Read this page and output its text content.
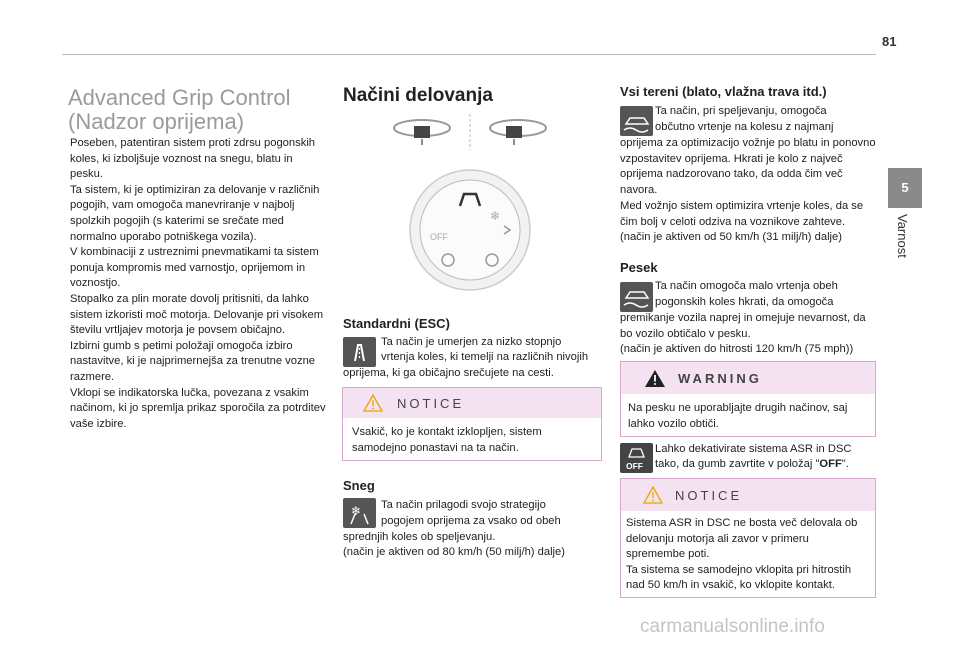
81
5
Varnost
Advanced Grip Control
(Nadzor oprijema)

Poseben, patentiran sistem proti zdrsu pogonskih koles, ki izboljšuje voznost na snegu, blatu in pesku.

Ta sistem, ki je optimiziran za delovanje v različnih pogojih, vam omogoča manevriranje v najbolj spolzkih pogojih (s katerimi se srečate med normalno uporabo potniškega vozila).

V kombinaciji z ustreznimi pnevmatikami ta sistem ponuja kompromis med varnostjo, oprijemom in voznostjo.

Stopalko za plin morate dovolj pritisniti, da lahko sistem izkoristi moč motorja. Delovanje pri visokem številu vrtljajev motorja je povsem običajno.

Izbirni gumb s petimi položaji omogoča izbiro nastavitve, ki je najprimernejša za trenutne vozne razmere.

Vklopi se indikatorska lučka, povezana z vsakim načinom, ki jo spremlja prikaz sporočila za potrditev vaše izbire.

Načini delovanja
OFF
❄
Standardni (ESC)
Ta način je umerjen za nizko stopnjo
vrtenja koles, ki temelji na različnih nivojih
oprijema, ki ga običajno srečujete na cesti.
NOTICE
Vsakič, ko je kontakt izklopljen, sistem samodejno ponastavi na ta način.
Sneg
❄ Ta način prilagodi svojo strategijo
pogojem oprijema za vsako od obeh
sprednjih koles ob speljevanju.
(način je aktiven od 80 km/h (50 milj/h) dalje)
Vsi tereni (blato, vlažna trava itd.)
Ta način, pri speljevanju, omogoča
občutno vrtenje na kolesu z najmanj
oprijema za optimizacijo vožnje po blatu in ponovno vzpostavitev oprijema. Hkrati je kolo z največ oprijema nadzorovano tako, da odda čim več navora.
Med vožnjo sistem optimizira vrtenje koles, da se čim bolj v celoti odziva na voznikove zahteve.
(način je aktiven od 50 km/h (31 milj/h) dalje)
Pesek
Ta način omogoča malo vrtenja obeh
pogonskih koles hkrati, da omogoča
premikanje vozila naprej in omejuje nevarnost, da bo vozilo obtičalo v pesku.
(način je aktiven do hitrosti 120 km/h (75 mph))
WARNING
Na pesku ne uporabljajte drugih načinov, saj lahko vozilo obtiči.
OFF
Lahko dekativirate sistema ASR in DSC
tako, da gumb zavrtite v položaj "OFF".
NOTICE

Sistema ASR in DSC ne bosta več delovala ob delovanju motorja ali zavor v primeru spremembe poti.

Ta sistema se samodejno vklopita pri hitrostih nad 50 km/h in vsakič, ko vklopite kontakt.

carmanualsonline.info
